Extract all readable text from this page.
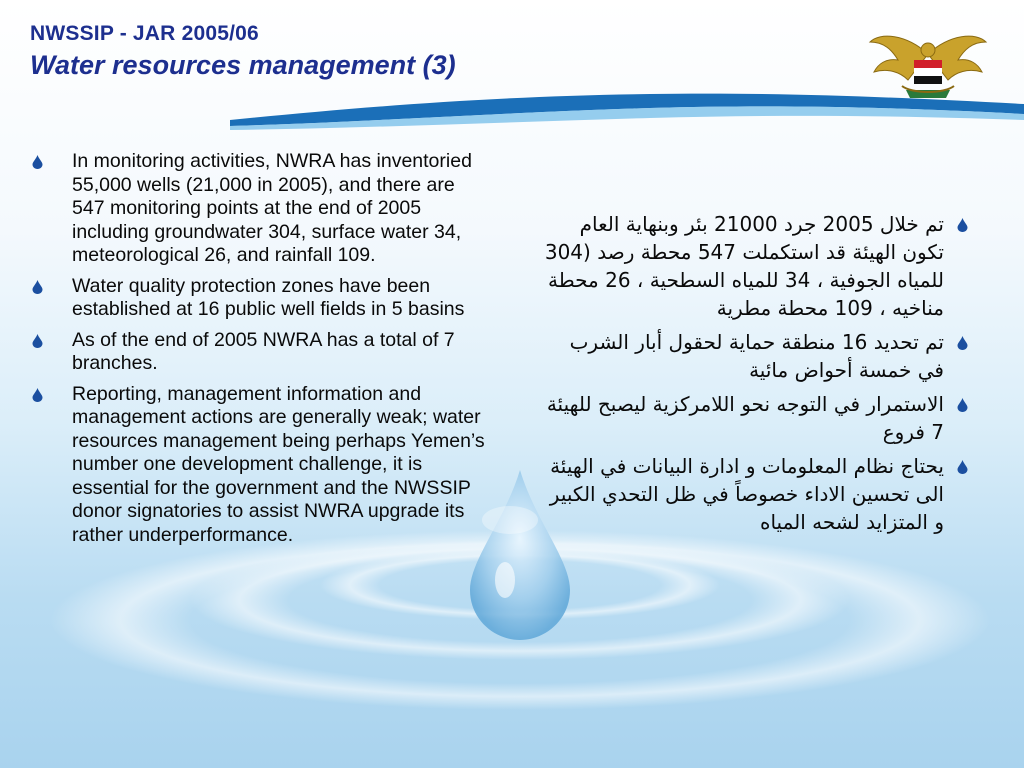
NWSSIP - JAR 2005/06
Water resources management (3)
In monitoring activities, NWRA has inventoried 55,000 wells (21,000 in 2005), and there are 547 monitoring points at the end of 2005 including groundwater 304, surface water 34, meteorological 26, and rainfall 109.
Water quality protection zones have been established at 16 public well fields in 5 basins
As of the end of 2005 NWRA has a total of 7 branches.
Reporting, management information and management actions are generally weak; water resources management being perhaps Yemen’s number one development challenge, it is essential for the government and the NWSSIP donor signatories to assist NWRA upgrade its rather underperformance.
تم خلال 2005 جرد 21000 بئر وبنهاية العام تكون الهيئة قد استكملت 547 محطة رصد (304 للمياه الجوفية ، 34 للمياه السطحية ، 26 محطة مناخيه ، 109 محطة مطرية
تم تحديد 16 منطقة حماية لحقول أبار الشرب في خمسة أحواض مائية
الاستمرار في التوجه نحو اللامركزية ليصبح للهيئة 7 فروع
يحتاج نظام المعلومات و ادارة البيانات في الهيئة الى تحسين الاداء خصوصاً في ظل التحدي الكبير و المتزايد لشحه المياه
